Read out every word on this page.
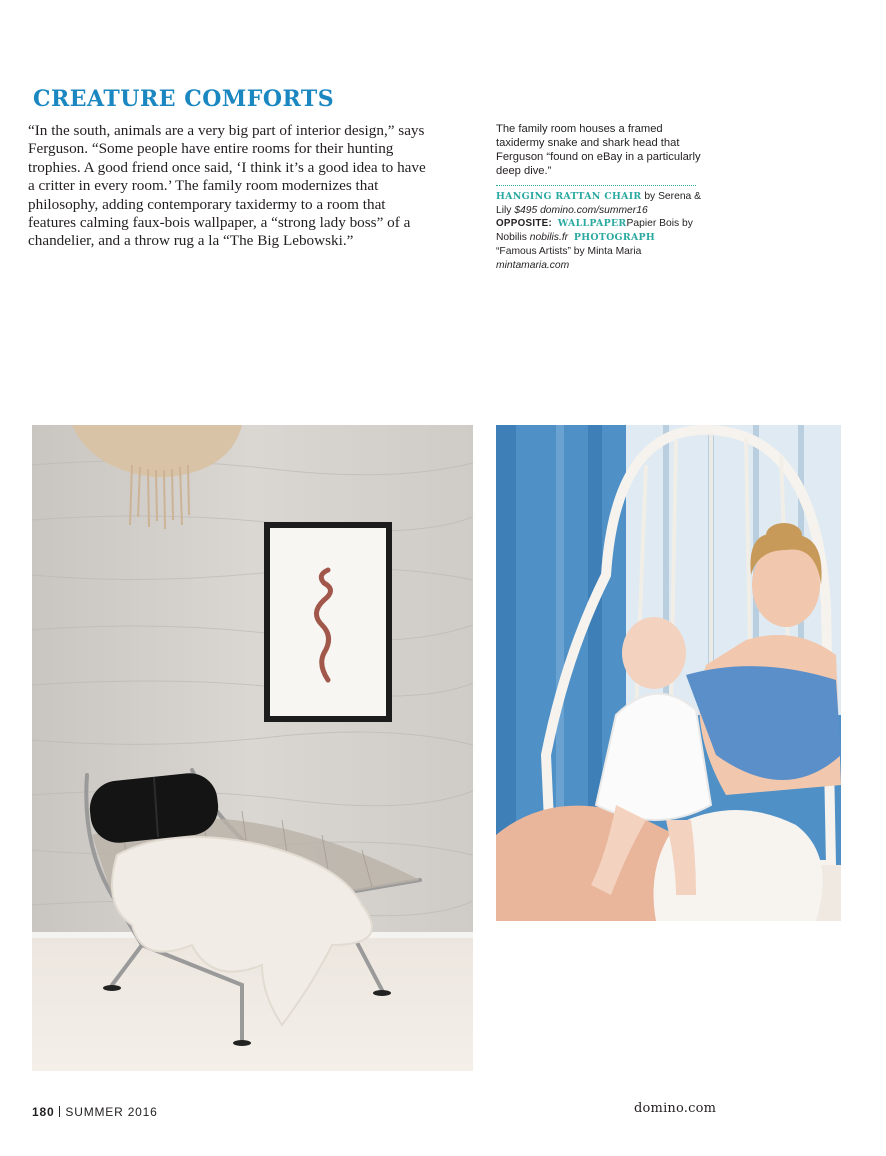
CREATURE COMFORTS

“In the south, animals are a very big part of interior design,” says

Ferguson. “Some people have entire rooms for their hunting

trophies. A good friend once said, ‘I think it’s a good idea to have

a critter in every room.’ The family room modernizes that

philosophy, adding contemporary taxidermy to a room that

features calming faux-bois wallpaper, a “strong lady boss” of a

chandelier, and a throw rug a la “The Big Lebowski.”

The family room houses a framed taxidermy snake and shark head that Ferguson “found on eBay in a particularly deep dive.”

HANGING RATTAN CHAIR by Serena & Lily $495 domino.com/summer16
OPPOSITE: WALLPAPERPapier Bois by Nobilis nobilis.fr PHOTOGRAPH
“Famous Artists” by Minta Maria
mintamaria.com

180 SUMMER 2016	domino.com
